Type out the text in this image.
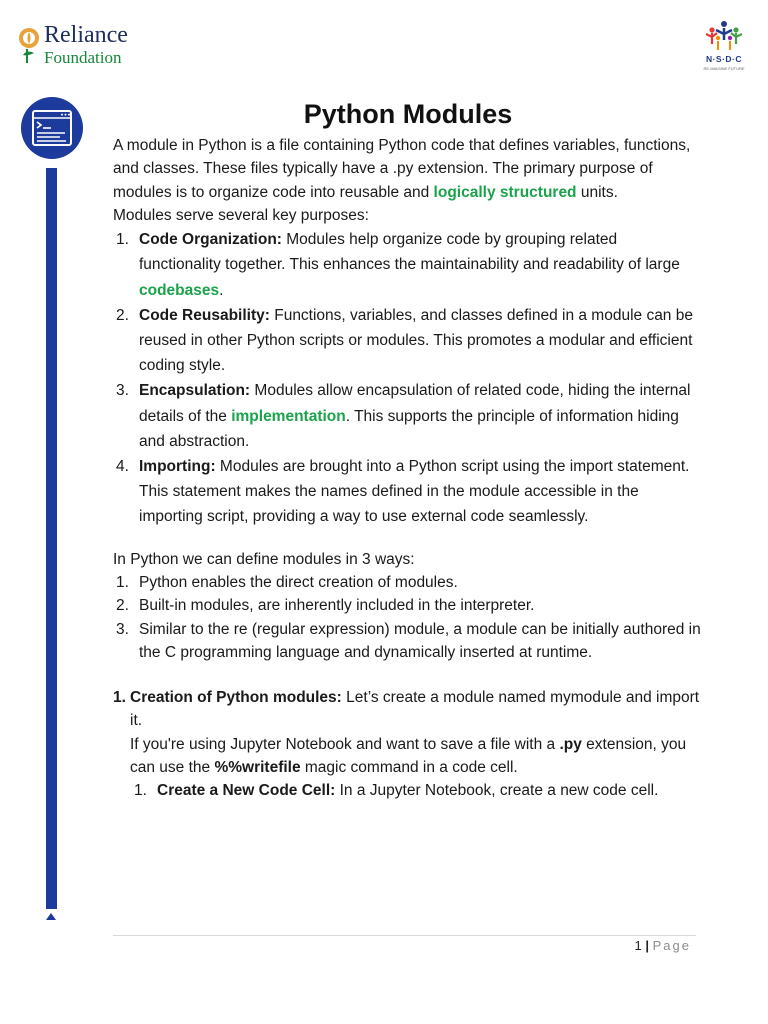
Reliance
Foundation	N·S·D·C
RE-IMAGINE FUTURE
Python Modules

A module in Python is a file containing Python code that defines variables, functions, and classes. These files typically have a .py extension. The primary purpose of modules is to organize code into reusable and logically structured units.

Modules serve several key purposes:

1. Code Organization: Modules help organize code by grouping related functionality together. This enhances the maintainability and readability of large codebases.
2. Code Reusability: Functions, variables, and classes defined in a module can be reused in other Python scripts or modules. This promotes a modular and efficient coding style.
3. Encapsulation: Modules allow encapsulation of related code, hiding the internal details of the implementation. This supports the principle of information hiding and abstraction.
4. Importing: Modules are brought into a Python script using the import statement. This statement makes the names defined in the module accessible in the importing script, providing a way to use external code seamlessly.

In Python we can define modules in 3 ways:

1. Python enables the direct creation of modules.
2. Built-in modules, are inherently included in the interpreter.
3. Similar to the re (regular expression) module, a module can be initially authored in the C programming language and dynamically inserted at runtime.
1. Creation of Python modules: Let’s create a module named mymodule and import it.

If you're using Jupyter Notebook and want to save a file with a .py extension, you can use the %%writefile magic command in a code cell.

1. Create a New Code Cell: In a Jupyter Notebook, create a new code cell.
1 | Page
